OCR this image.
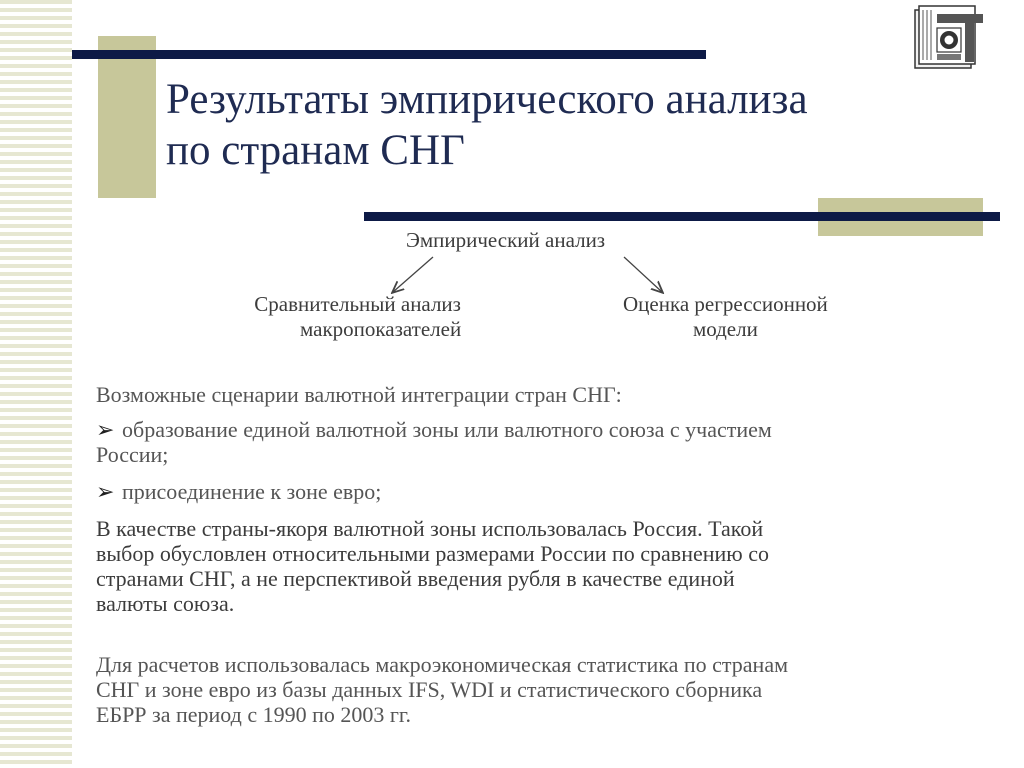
Результаты эмпирического анализа
по странам СНГ
Эмпирический анализ
Сравнительный анализ
макропоказателей
Оценка регрессионной
модели

Возможные сценарии валютной интеграции стран СНГ:

➢ образование единой валютной зоны или валютного союза с участием
России;

➢ присоединение к зоне евро;

В качестве страны-якоря валютной зоны использовалась Россия. Такой
выбор обусловлен относительными размерами России по сравнению со
странами СНГ, а не перспективой введения рубля в качестве единой
валюты союза.

Для расчетов использовалась макроэкономическая статистика по странам
СНГ и зоне евро из базы данных IFS, WDI и статистического сборника
ЕБРР за период с 1990 по 2003 гг.
